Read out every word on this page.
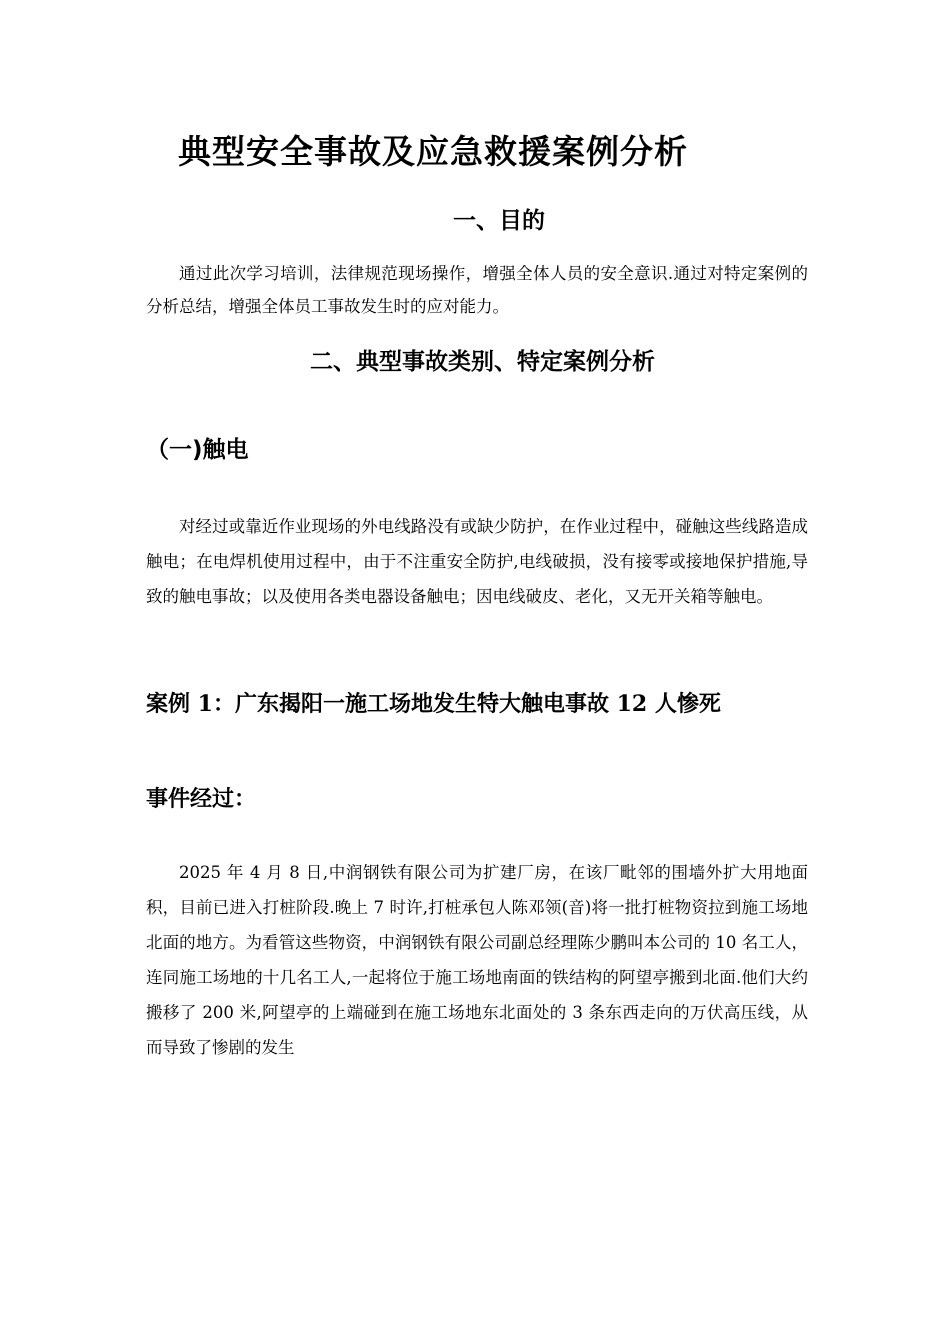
典型安全事故及应急救援案例分析
一、目的

通过此次学习培训，法律规范现场操作，增强全体人员的安全意识.通过对特定案例的分析总结，增强全体员工事故发生时的应对能力。

二、典型事故类别、特定案例分析
（一)触电

对经过或靠近作业现场的外电线路没有或缺少防护，在作业过程中，碰触这些线路造成触电；在电焊机使用过程中，由于不注重安全防护,电线破损，没有接零或接地保护措施,导致的触电事故；以及使用各类电器设备触电；因电线破皮、老化，又无开关箱等触电。

案例 1：广东揭阳一施工场地发生特大触电事故 12 人惨死
事件经过：

2025 年 4 月 8 日,中润钢铁有限公司为扩建厂房，在该厂毗邻的围墙外扩大用地面积，目前已进入打桩阶段.晚上 7 时许,打桩承包人陈邓领(音)将一批打桩物资拉到施工场地北面的地方。为看管这些物资，中润钢铁有限公司副总经理陈少鹏叫本公司的 10 名工人，连同施工场地的十几名工人,一起将位于施工场地南面的铁结构的阿望亭搬到北面.他们大约搬移了 200 米,阿望亭的上端碰到在施工场地东北面处的 3 条东西走向的万伏高压线，从而导致了惨剧的发生
